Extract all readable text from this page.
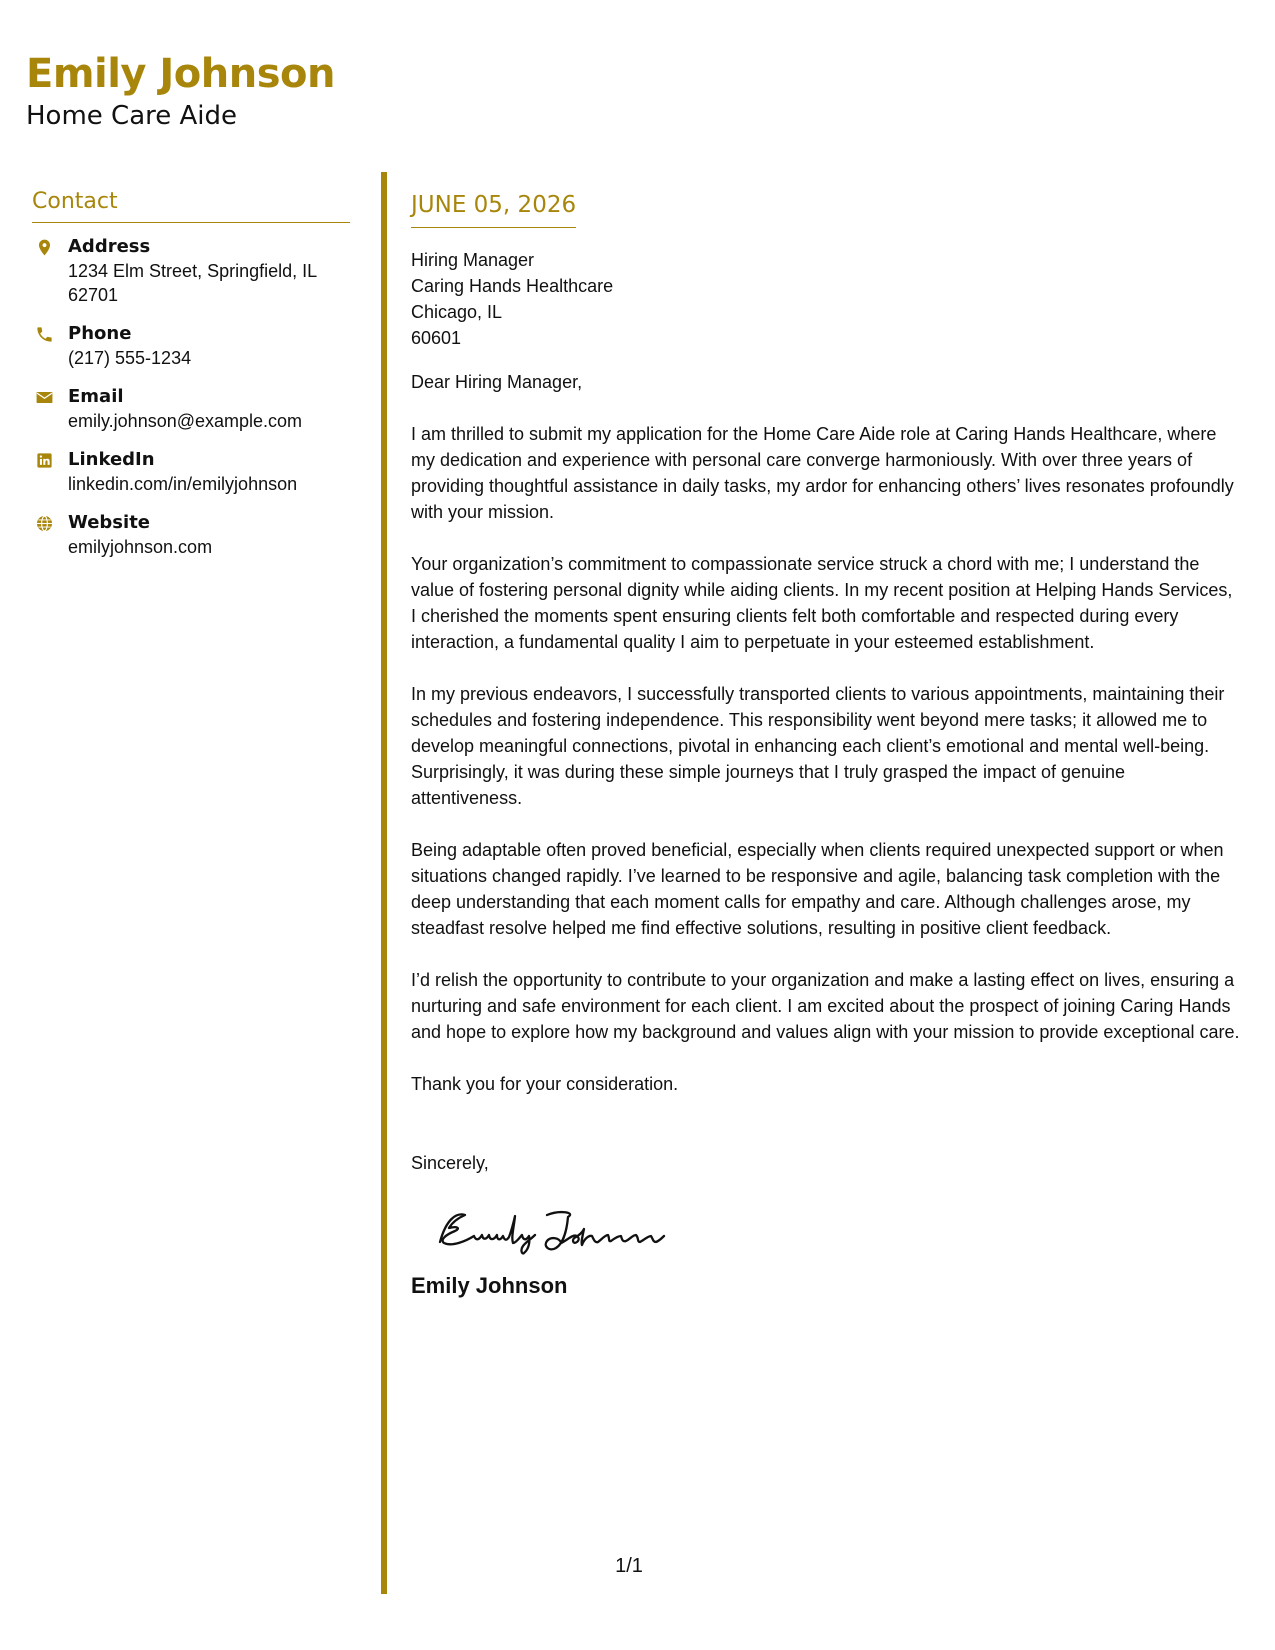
Emily Johnson
Home Care Aide
Contact
Address
1234 Elm Street, Springfield, IL 62701
Phone
(217) 555-1234
Email
emily.johnson@example.com
LinkedIn
linkedin.com/in/emilyjohnson
Website
emilyjohnson.com
JUNE 05, 2026
Hiring Manager
Caring Hands Healthcare
Chicago, IL
60601
Dear Hiring Manager,
I am thrilled to submit my application for the Home Care Aide role at Caring Hands Healthcare, where my dedication and experience with personal care converge harmoniously. With over three years of providing thoughtful assistance in daily tasks, my ardor for enhancing others’ lives resonates profoundly with your mission.
Your organization’s commitment to compassionate service struck a chord with me; I understand the value of fostering personal dignity while aiding clients. In my recent position at Helping Hands Services, I cherished the moments spent ensuring clients felt both comfortable and respected during every interaction, a fundamental quality I aim to perpetuate in your esteemed establishment.
In my previous endeavors, I successfully transported clients to various appointments, maintaining their schedules and fostering independence. This responsibility went beyond mere tasks; it allowed me to develop meaningful connections, pivotal in enhancing each client’s emotional and mental well-being. Surprisingly, it was during these simple journeys that I truly grasped the impact of genuine attentiveness.
Being adaptable often proved beneficial, especially when clients required unexpected support or when situations changed rapidly. I’ve learned to be responsive and agile, balancing task completion with the deep understanding that each moment calls for empathy and care. Although challenges arose, my steadfast resolve helped me find effective solutions, resulting in positive client feedback.
I’d relish the opportunity to contribute to your organization and make a lasting effect on lives, ensuring a nurturing and safe environment for each client. I am excited about the prospect of joining Caring Hands and hope to explore how my background and values align with your mission to provide exceptional care.
Thank you for your consideration.
Sincerely,
Emily Johnson
1/1
